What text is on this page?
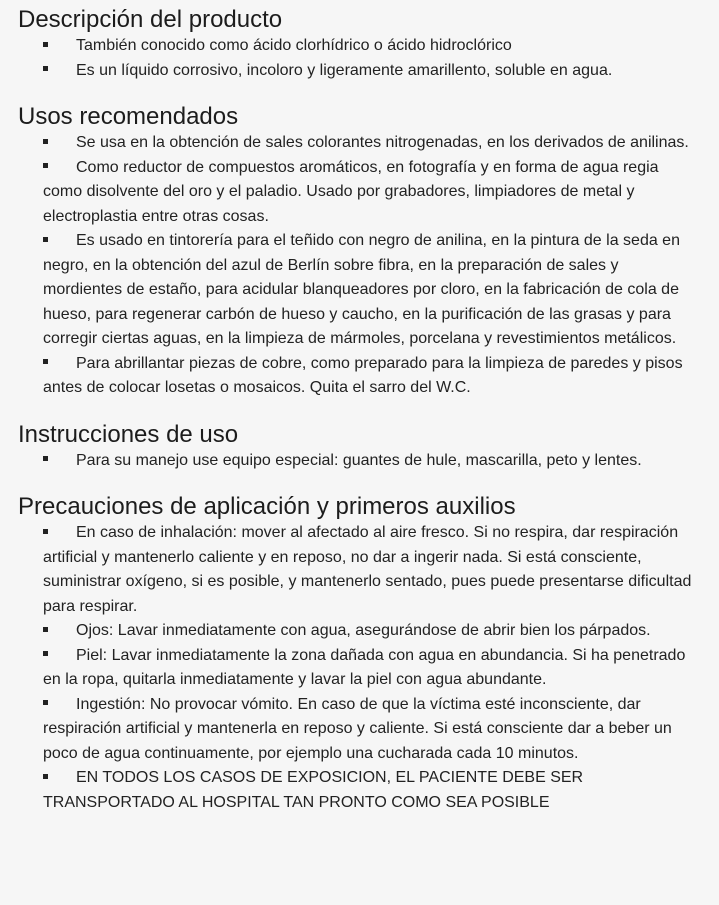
Descripción del producto
También conocido como ácido clorhídrico o ácido hidroclórico
Es un líquido corrosivo, incoloro y ligeramente amarillento, soluble en agua.
Usos recomendados
Se usa en la obtención de sales colorantes nitrogenadas, en los derivados de anilinas.
Como reductor de compuestos aromáticos, en fotografía y en forma de agua regia como disolvente del oro y el paladio. Usado por grabadores, limpiadores de metal y electroplastia entre otras cosas.
Es usado en tintorería para el teñido con negro de anilina, en la pintura de la seda en negro, en la obtención del azul de Berlín sobre fibra, en la preparación de sales y mordientes de estaño, para acidular blanqueadores por cloro, en la fabricación de cola de hueso, para regenerar carbón de hueso y caucho, en la purificación de las grasas y para corregir ciertas aguas, en la limpieza de mármoles, porcelana y revestimientos metálicos.
Para abrillantar piezas de cobre, como preparado para la limpieza de paredes y pisos antes de colocar losetas o mosaicos. Quita el sarro del W.C.
Instrucciones de uso
Para su manejo use equipo especial: guantes de hule, mascarilla, peto y lentes.
Precauciones de aplicación y primeros auxilios
En caso de inhalación: mover al afectado al aire fresco. Si no respira, dar respiración artificial y mantenerlo caliente y en reposo, no dar a ingerir nada. Si está consciente, suministrar oxígeno, si es posible, y mantenerlo sentado, pues puede presentarse dificultad para respirar.
Ojos: Lavar inmediatamente con agua, asegurándose de abrir bien los párpados.
Piel: Lavar inmediatamente la zona dañada con agua en abundancia. Si ha penetrado en la ropa, quitarla inmediatamente y lavar la piel con agua abundante.
Ingestión: No provocar vómito. En caso de que la víctima esté inconsciente, dar respiración artificial y mantenerla en reposo y caliente. Si está consciente dar a beber un poco de agua continuamente, por ejemplo una cucharada cada 10 minutos.
EN TODOS LOS CASOS DE EXPOSICION, EL PACIENTE DEBE SER TRANSPORTADO AL HOSPITAL TAN PRONTO COMO SEA POSIBLE
